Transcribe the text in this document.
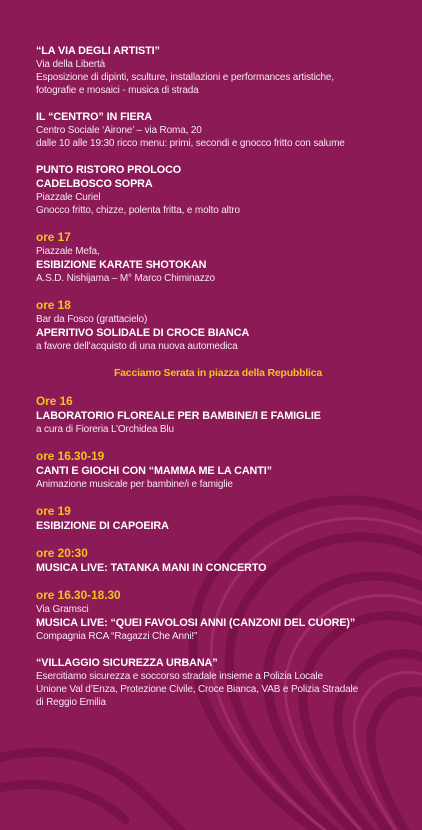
“LA VIA DEGLI ARTISTI”
Via della Libertà
Esposizione di dipinti, sculture, installazioni e performances artistiche,
fotografie e mosaici - musica di strada
IL “CENTRO” IN FIERA
Centro Sociale ‘Airone’ – via Roma, 20
dalle 10 alle 19:30 ricco menu: primi, secondi e gnocco fritto con salume
PUNTO RISTORO PROLOCO
CADELBOSCO SOPRA
Piazzale Curiel
Gnocco fritto, chizze, polenta fritta, e molto altro
ore 17
Piazzale Mefa,
ESIBIZIONE KARATE SHOTOKAN
A.S.D. Nishijama – M° Marco Chiminazzo
ore 18
Bar da Fosco (grattacielo)
APERITIVO SOLIDALE DI CROCE BIANCA
a favore dell’acquisto di una nuova automedica
Facciamo Serata in piazza della Repubblica
Ore 16
LABORATORIO FLOREALE PER BAMBINE/I E FAMIGLIE
a cura di Fioreria L’Orchidea Blu
ore 16.30-19
CANTI E GIOCHI CON “MAMMA ME LA CANTI”
Animazione musicale per bambine/i e famiglie
ore 19
ESIBIZIONE DI CAPOEIRA
ore 20:30
MUSICA LIVE: TATANKA MANI IN CONCERTO
ore 16.30-18.30
Via Gramsci
MUSICA LIVE: “QUEI FAVOLOSI ANNI (CANZONI DEL CUORE)”
Compagnia RCA “Ragazzi Che Anni!”
“VILLAGGIO SICUREZZA URBANA”
Esercitiamo sicurezza e soccorso stradale insieme a Polizia Locale
Unione Val d’Enza, Protezione Civile, Croce Bianca, VAB e Polizia Stradale
di Reggio Emilia
